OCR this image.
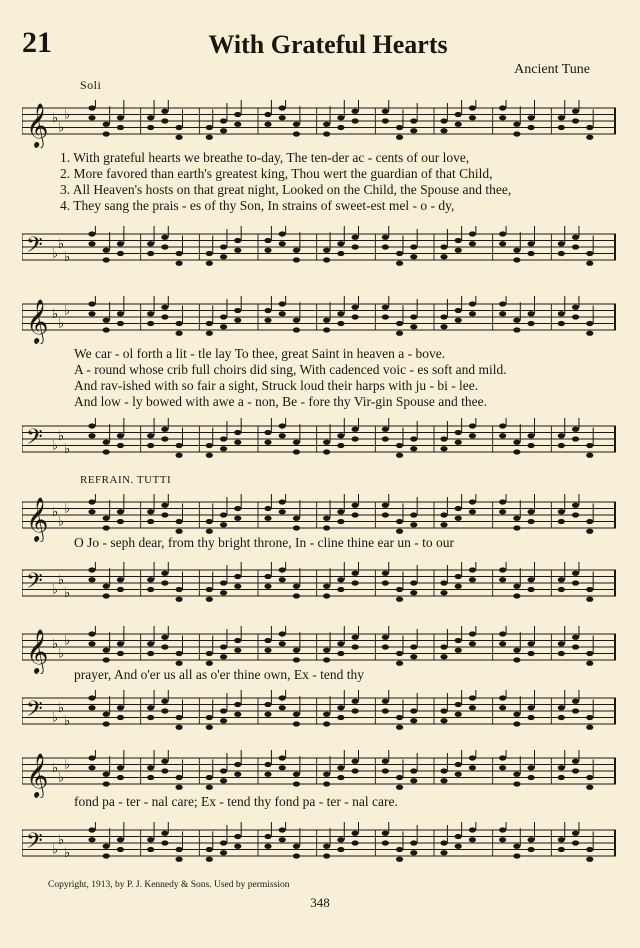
21	With Grateful Hearts
Ancient Tune
Soli
𝄞 ♭
♭
♭
1. With grateful hearts we breathe to-day, The ten-der ac - cents of our love,
2. More favored than earth's greatest king, Thou wert the guardian of that Child,
3. All Heaven's hosts on that great night, Looked on the Child, the Spouse and thee,
4. They sang the prais - es of thy Son, In strains of sweet-est mel - o - dy,
𝄢 ♭
♭
♭
𝄞 ♭
♭
♭
We car - ol forth a lit - tle lay To thee, great Saint in heaven a - bove.
A - round whose crib full choirs did sing, With cadenced voic - es soft and mild.
And rav-ished with so fair a sight, Struck loud their harps with ju - bi - lee.
And low - ly bowed with awe a - non, Be - fore thy Vir-gin Spouse and thee.
𝄢 ♭
♭
♭
REFRAIN. TUTTI
𝄞 ♭
♭
♭
O Jo - seph dear, from thy bright throne, In - cline thine ear un - to our
𝄢 ♭
♭
♭
𝄞 ♭
♭
♭
prayer, And o'er us all as o'er thine own, Ex - tend thy
𝄢 ♭
♭
♭
𝄞 ♭
♭
♭
fond pa - ter - nal care; Ex - tend thy fond pa - ter - nal care.
𝄢 ♭
♭
♭
Copyright, 1913, by P. J. Kennedy & Sons. Used by permission
348
